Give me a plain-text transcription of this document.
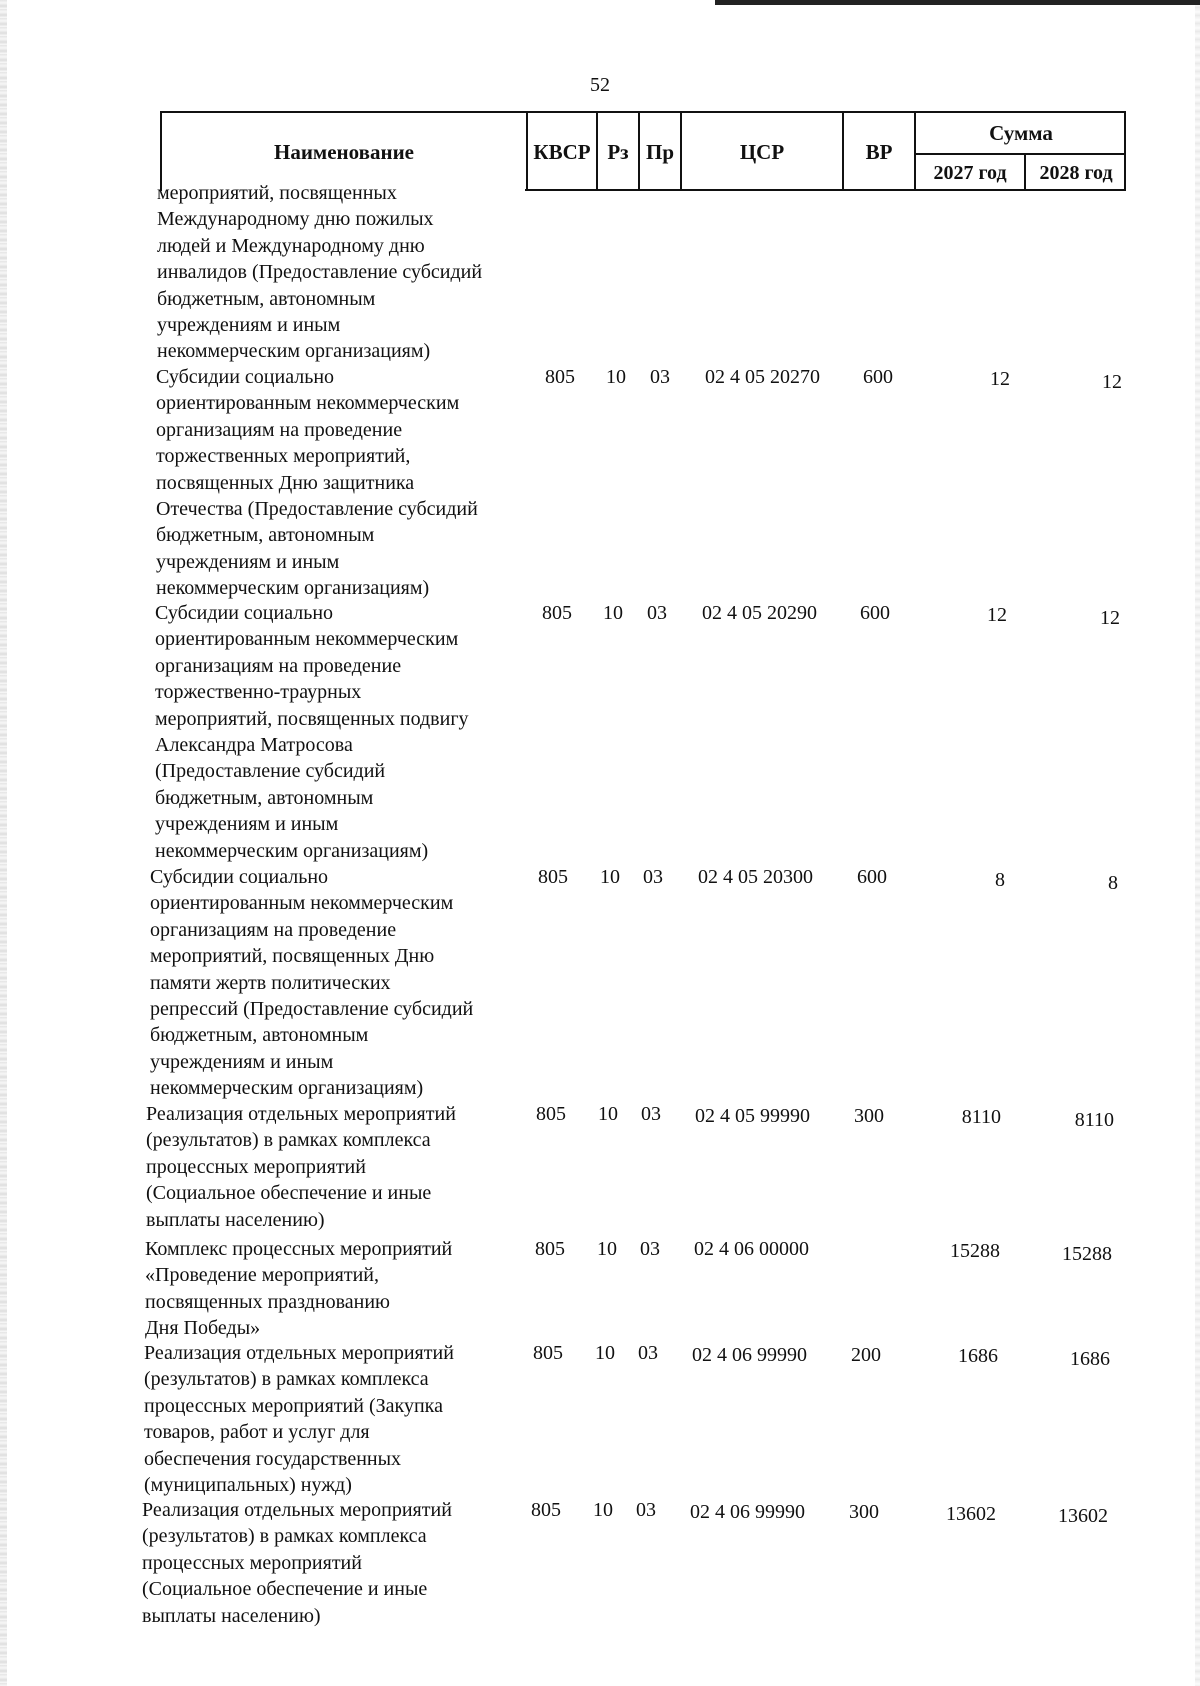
52
Наименование	КВСР Рз Пр	ЦСР	ВР
Сумма
2027 год	2028 год
мероприятий, посвященных
Международному дню пожилых
людей и Международному дню
инвалидов (Предоставление субсидий
бюджетным, автономным
учреждениям и иным
некоммерческим организациям)
Субсидии социально
ориентированным некоммерческим
организациям на проведение
торжественных мероприятий,
посвященных Дню защитника
Отечества (Предоставление субсидий
бюджетным, автономным
учреждениям и иным
некоммерческим организациям)
805 10 03 02 4 05 20270 600	12	12
Субсидии социально
ориентированным некоммерческим
организациям на проведение
торжественно-траурных
мероприятий, посвященных подвигу
Александра Матросова
(Предоставление субсидий
бюджетным, автономным
учреждениям и иным
некоммерческим организациям)
805 10 03 02 4 05 20290 600	12	12
Субсидии социально
ориентированным некоммерческим
организациям на проведение
мероприятий, посвященных Дню
памяти жертв политических
репрессий (Предоставление субсидий
бюджетным, автономным
учреждениям и иным
некоммерческим организациям)
805 10 03 02 4 05 20300 600	8	8
Реализация отдельных мероприятий
(результатов) в рамках комплекса
процессных мероприятий
(Социальное обеспечение и иные
выплаты населению)
805 10 03 02 4 05 99990 300	8110	8110
Комплекс процессных мероприятий
«Проведение мероприятий,
посвященных празднованию
Дня Победы»
805 10 03 02 4 06 00000	15288	15288
Реализация отдельных мероприятий
(результатов) в рамках комплекса
процессных мероприятий (Закупка
товаров, работ и услуг для
обеспечения государственных
(муниципальных) нужд)
805 10 03 02 4 06 99990 200	1686	1686
Реализация отдельных мероприятий
(результатов) в рамках комплекса
процессных мероприятий
(Социальное обеспечение и иные
выплаты населению)
805 10 03 02 4 06 99990 300	13602	13602
